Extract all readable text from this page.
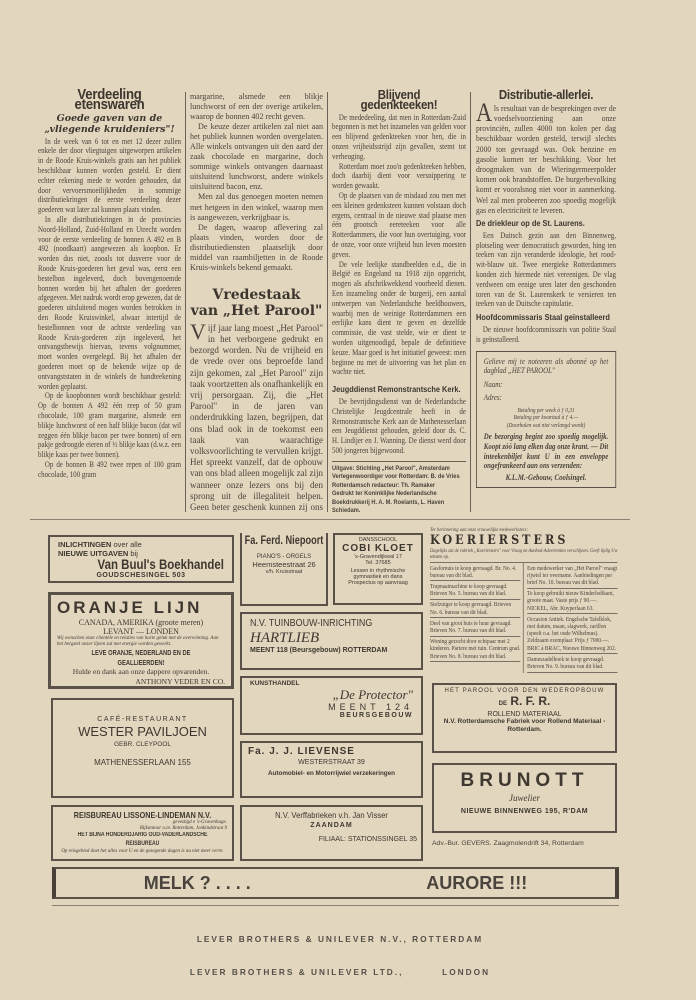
Verdeeling etenswaren
Goede gaven van de „vliegende kruideniers"!

In de week van 6 tot en met 12 dezer zullen enkele der door vliegtuigen uitgeworpen artikelen in de Roode Kruis-winkels gratis aan het publiek beschikbaar kunnen worden gesteld. Er dient echter rekening mede te worden gehouden, dat door vervoersmoeilijkheden in sommige distributiekringen de eerste verdeeling dezer goederen wat later zal kunnen plaats vinden.

In alle distributiekringen in de provincies Noord-Holland, Zuid-Holland en Utrecht worden voor de eerste verdeeling de bonnen A 492 en B 492 (noodkaart) aangewezen als koopbon. Er worden dus niet, zooals tot dusverre voor de Roode Kruis-goederen het geval was, eerst een bestelbon ingeleverd, doch bovengenoemde bonnen worden bij het afhalen der goederen afgegeven. Met nadruk wordt erop gewezen, dat de goederen uitsluitend mogen worden betrokken in den Roode Kruiswinkel, alwaar intertijd de bestelbonnen voor de achtste verdeeling van Roode Kruis-goederen zijn ingeleverd, het ontvangstbewijs hiervan, tevens volgnummer, moet worden overgelegd. Bij het afhalen der goederen moet op de bekende wijze op de ontvangststaten in de winkels de handteekening worden geplaatst.

Op de koopbonnen wordt beschikbaar gesteld: Op de bonnen A 492 één reep of 50 gram chocolade, 100 gram margarine, alsmede een blikje lunchworst of een half blikje bacon (dat wil zeggen één blikje bacon per twee bonnen) of een pakje gedroogde eieren of ½ blikje kaas (d.w.z. een blikje kaas per twee bonnen).

Op de bonnen B 492 twee repen of 100 gram chocolade, 100 gram

margarine, alsmede een blikje lunchworst of een der overige artikelen, waarop de bonnen 402 recht geven.

De keuze dezer artikelen zal niet aan het publiek kunnen worden overgelaten. Alle winkels ontvangen uit den aard der zaak chocolade en margarine, doch sommige winkels ontvangen daarnaast uitsluitend lunchworst, andere winkels uitsluitend bacon, enz.

Men zal dus genoegen moeten nemen met hetgeen in den winkel, waarop men is aangewezen, verkrijgbaar is.

De dagen, waarop aflevering zal plaats vinden, worden door de distributiediensten plaatselijk door middel van raambiljetten in de Roode Kruis-winkels bekend gemaakt.

Vredestaak
van „Het Parool"

Vijf jaar lang moest „Het Parool" in het verborgene gedrukt en bezorgd worden. Nu de vrijheid en de vrede over ons beproefde land zijn gekomen, zal „Het Parool" zijn taak voortzetten als onafhankelijk en vrij persorgaan. Zij, die „Het Parool" in de jaren van onderdrukking lazen, begrijpen, dat ons blad ook in de toekomst een taak van waarachtige volksvoorlichting te vervullen krijgt. Het spreekt vanzelf, dat de opbouw van ons blad alleen mogelijk zal zijn wanneer onze lezers ons bij den sprong uit de illegaliteit helpen. Geen beter geschenk kunnen zij ons

Blijvend gedenkteeken!

De mededeeling, dat men in Rotterdam-Zuid begonnen is met het inzamelen van gelden voor een blijvend gedenkteeken voor hen, die in onzen vrijheidsstrijd zijn gevallen, stemt tot verheuging.

Rotterdam moet zoo'n gedenkteeken hebben, doch daarbij dient voor versnippering te worden gewaakt.

Op de plaatsen van de misdaad zou men met een kleinen gedenksteen kunnen volstaan doch ergens, centraal in de nieuwe stad plaatse men één grootsch eereteeken voor alle Rotterdammers, die voor hun overtuiging, voor de onze, voor onze vrijheid hun leven moesten geven.

De vele leelijke standbeelden e.d., die in België en Engeland na 1918 zijn opgericht, mogen als afschrikwekkend voorbeeld dienen. Een inzameling onder de burgerij, een aantal ontwerpen van Nederlandsche beeldhouwers, waarbij men de weinige Rotterdammers een eerlijke kans dient te geven en dezelfde commissie, die vast stelde, wie er dient te worden uitgenoodigd, bepale de definitieve keuze. Maar goed is het initiatief geweest: men beginne nu met de uitvoering van het plan en wachte niet.

Jeugddienst Remonstrantsche Kerk.

De bevrijdingsdienst van de Nederlandsche Christelijke Jeugdcentrale heeft in de Remonstrantsche Kerk aan de Mathenesserlaan een Jeugddienst gehouden, geleid door ds. C. H. Lindijer en J. Wanning. De dienst werd door 500 jongeren bijgewoond.

Uitgave: Stichting „Het Parool", Amsterdam
Vertegenwoordiger voor Rotterdam: B. de Vries
Rotterdamsch redacteur: Th. Ramaker
Gedrukt ter Koninklijke Nederlandsche Boekdrukkerij H. A. M. Roelants, L. Haven Schiedam.
Distributie-allerlei.

Als resultaat van de besprekingen over de voedselvoorziening aan onze provinciën, zullen 4000 ton kolen per dag beschikbaar worden gesteld, terwijl slechts 2000 ton gevraagd was. Ook benzine en gasolie komen ter beschikking. Voor het droogmaken van de Wieringermeerpolder komen ook brandstoffen. De burgerbevolking komt er vooralsnog niet voor in aanmerking. Wel zal men probeeren zoo spoedig mogelijk gas en electriciteit te leveren.

De driekleur op de St. Laurens.

Een Duitsch gezin aan den Binnenweg, plotseling weer democratisch geworden, hing ten teeken van zijn veranderde ideologie, het rood-wit-blauw uit. Twee energieke Rotterdammers konden zich hiermede niet vereenigen. De vlag verdween om eenige uren later den geschonden toren van de St. Laurenskerk te versieren ten teeken van de Duitsche capitulatie.

Hoofdcommissaris Staal geïnstalleerd

De nieuwe hoofdcommissaris van politie Staal is geïnstalleerd.

Gelieve mij te noteeren als abonné op het dagblad „HET PAROOL"
Naam:
Adres:
Betaling per week à ƒ 0,31
Betaling per kwartaal à ƒ 4.—
(Doorhalen wat niet verlangd wordt)
De bezorging begint zoo spoedig mogelijk. Koopt zóó lang elken dag onze krant. — Dit inteekenbiljet kunt U in een enveloppe ongefrankeerd aan ons verzenden:
K.L.M.-Gebouw, Coolsingel.
INLICHTINGEN over alle
NIEUWE UITGAVEN bij
Van Buul's Boekhandel
GOUDSCHESINGEL 503
ORANJE LIJN
CANADA, AMERIKA (groote meren)
LEVANT — LONDEN
Wij wenschen onze clientèle en relaties van harte geluk met de overwinning. Aan het hergstel onzer lijnen zal met energie worden gewerkt.
LEVE ORANJE, NEDERLAND EN DE GEALLIEERDEN!
Hulde en dank aan onze dappere opvarenden.
ANTHONY VEDER EN CO.
CAFÉ-RESTAURANT
WESTER PAVILJOEN
GEBR. CLEYPOOL
MATHENESSERLAAN 155
REISBUREAU LISSONE-LINDEMAN N.V.
gevestigd e 's-Gravenhage.
Bijkantoor o.m. Rotterdam, Jonkindstraat 9
HET BIJNA HONDERDJARIG OUD-VADERLANDSCHE REISBUREAU
Op reisgebied doet het alles voor U en de gezegende dagen is nu niet meer verre.
Fa. Ferd. Niepoort
PIANO'S - ORGELS
Heemsteestraat 26
v/h. Kruisstraat
DANSSCHOOL
COBI KLOET
's-Gravendijkwal 17
Tel. 37685
Lessen in rhythmische gymnastiek en dans
Prospectus op aanvraag
N.V. TUINBOUW-INRICHTING
HARTLIEB
MEENT 118 (Beursgebouw) ROTTERDAM
KUNSTHANDEL
„De Protector"
MEENT 124
BEURSGEBOUW
Fa. J. J. LIEVENSE
WESTERSTRAAT 39
Automobiel- en Motorrijwiel verzekeringen
N.V. Verffabrieken v.h. Jan Visser
ZAANDAM
FILIAAL: STATIONSSINGEL 35
Ter herinnering aan onze vrouwelijke medewerksters:
KOERIERSTERS
Dagelijks zal de rubriek „Koeriersters" voor Vraag en Aanbod-Advertenties verschijnen. Geeft tijdig Uw teksten op.
Gasfornuis te koop gevraagd. Br. No. 4. bureau van dit blad.
Trapnaaimachine te koop gevraagd. Brieven No. 5. bureau van dit blad.
Stofzuiger te koop gevraagd. Brieven No. 6. bureau van dit blad.
Deel van groot huis te huur gevraagd. Brieven No. 7. bureau van dit blad.
Woning gezocht door echtpaar met 2 kinderen. Partere met tuin. Centrum grad. Brieven No. 8. bureau van dit blad.
Een medewerker van „Het Parool" vraagt rijwiel ter overname. Aanbiedingen per brief No. 10. bureau van dit blad.
Te koop gebruikt nieuw Kinderledikant, groote maat. Vaste prijs ƒ 90.—. NICKEL, Abr. Kuyperlaan 63.
Occasion Antiek. Engelsche Tafelklok, met datum, maan, slagwerk, carillon (speelt o.a. het oude Wilhelmus). Zeldzaam exemplaar. Prijs ƒ 7000.—. BRIC à BRAC, Nieuwe Binnenweg 202.
Dameszadelboek te koop gevraagd. Brieven No. 9. bureau van dit blad.
HET PAROOL VOOR DEN WEDEROPBOUW
DE R. F. R.
ROLLEND MATERIAAL
N.V. Rotterdamsche Fabriek voor Rollend Materiaal - Rotterdam.
BRUNOTT
Juwelier
NIEUWE BINNENWEG 195, R'DAM
Adv.-Bur. GEVERS. Zaagmolendrift 34, Rotterdam
MELK ? . . . .	AURORE !!!

LEVER BROTHERS & UNILEVER N.V., ROTTERDAM

LEVER BROTHERS & UNILEVER LTD.,         LONDON
